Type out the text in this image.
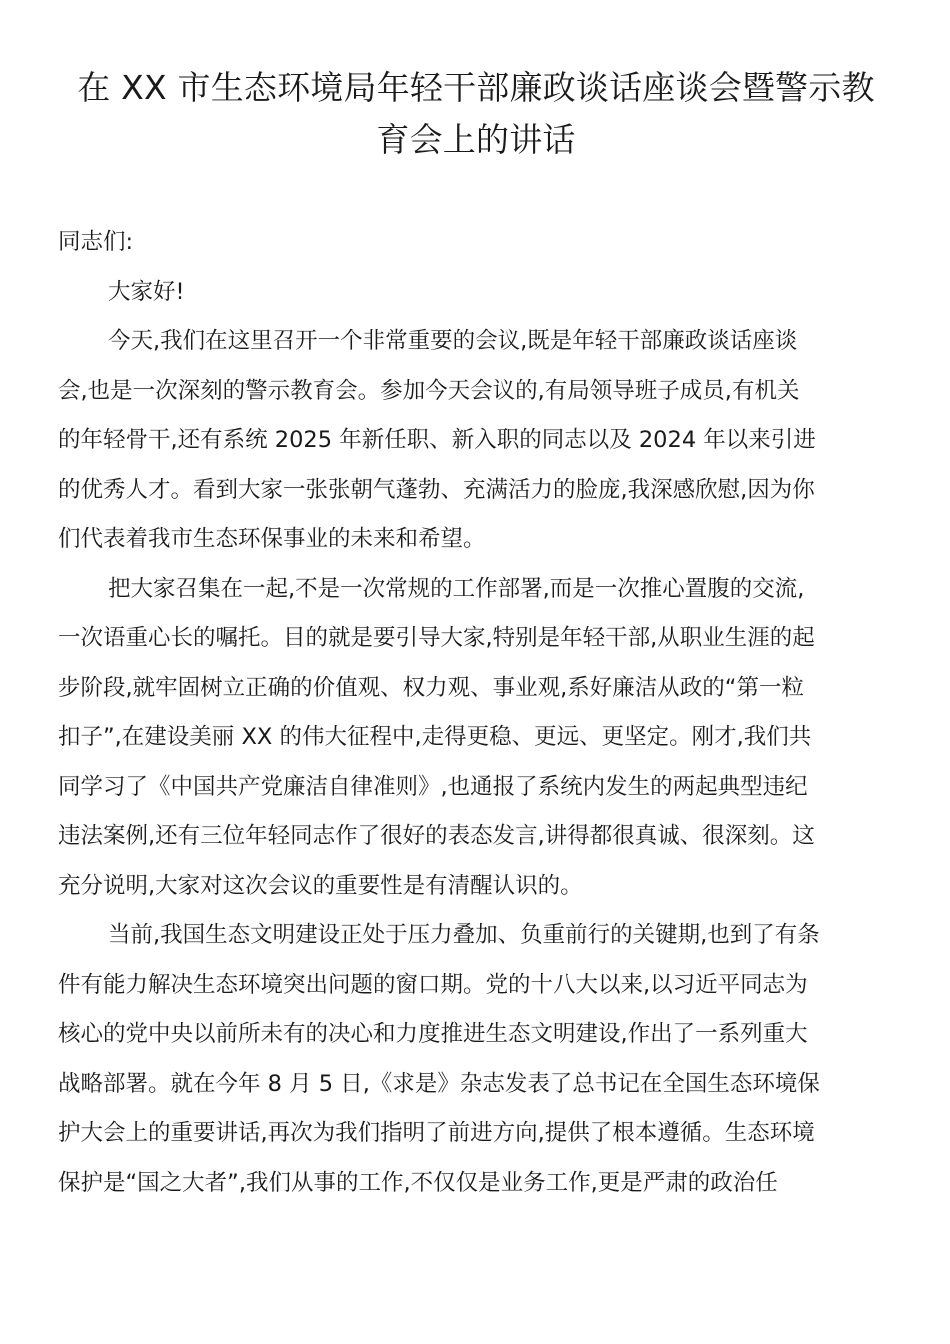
在 XX 市生态环境局年轻干部廉政谈话座谈会暨警示教
育会上的讲话

同志们:

大家好!

今天,我们在这里召开一个非常重要的会议,既是年轻干部廉政谈话座谈
会,也是一次深刻的警示教育会。参加今天会议的,有局领导班子成员,有机关
的年轻骨干,还有系统 2025 年新任职、新入职的同志以及 2024 年以来引进
的优秀人才。看到大家一张张朝气蓬勃、充满活力的脸庞,我深感欣慰,因为你
们代表着我市生态环保事业的未来和希望。

把大家召集在一起,不是一次常规的工作部署,而是一次推心置腹的交流,
一次语重心长的嘱托。目的就是要引导大家,特别是年轻干部,从职业生涯的起
步阶段,就牢固树立正确的价值观、权力观、事业观,系好廉洁从政的“第一粒
扣子”,在建设美丽 XX 的伟大征程中,走得更稳、更远、更坚定。刚才,我们共
同学习了《中国共产党廉洁自律准则》,也通报了系统内发生的两起典型违纪
违法案例,还有三位年轻同志作了很好的表态发言,讲得都很真诚、很深刻。这
充分说明,大家对这次会议的重要性是有清醒认识的。

当前,我国生态文明建设正处于压力叠加、负重前行的关键期,也到了有条
件有能力解决生态环境突出问题的窗口期。党的十八大以来,以习近平同志为
核心的党中央以前所未有的决心和力度推进生态文明建设,作出了一系列重大
战略部署。就在今年 8 月 5 日,《求是》杂志发表了总书记在全国生态环境保
护大会上的重要讲话,再次为我们指明了前进方向,提供了根本遵循。生态环境
保护是“国之大者”,我们从事的工作,不仅仅是业务工作,更是严肃的政治任
